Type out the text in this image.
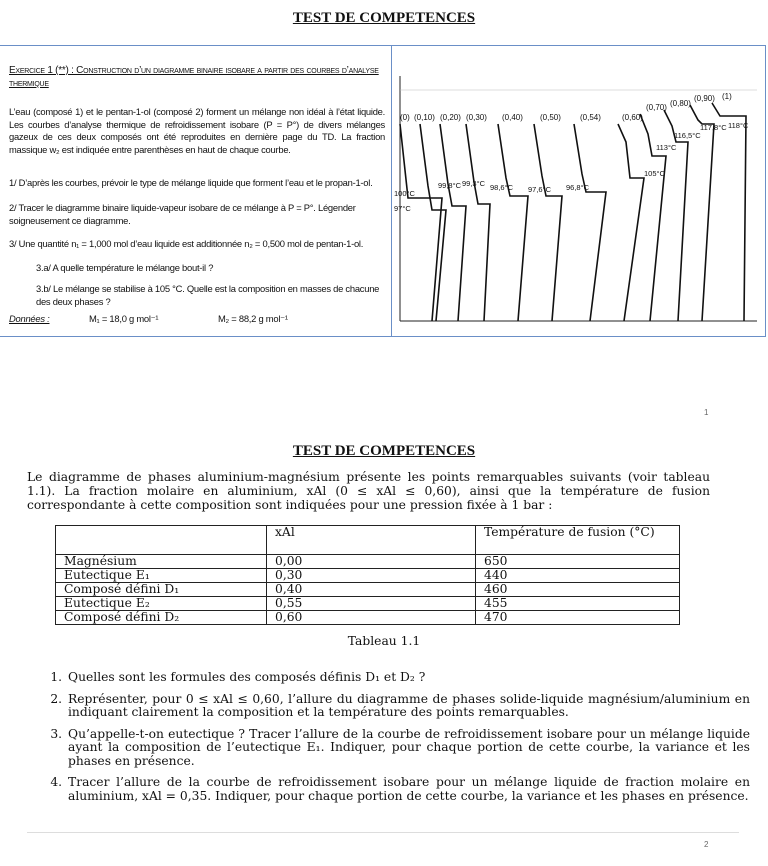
TEST DE COMPETENCES
Exercice 1 (**) : Construction d’un diagramme binaire isobare a partir des courbes d’analyse thermique
L’eau (composé 1) et le pentan-1-ol (composé 2) forment un mélange non idéal à l’état liquide. Les courbes d’analyse thermique de refroidissement isobare (P = P°) de divers mélanges gazeux de ces deux composés ont été reproduites en dernière page du TD. La fraction massique w₂ est indiquée entre parenthèses en haut de chaque courbe.
1/ D’après les courbes, prévoir le type de mélange liquide que forment l’eau et le propan-1-ol.
2/ Tracer le diagramme binaire liquide-vapeur isobare de ce mélange à P = P°. Légender soigneusement ce diagramme.
3/ Une quantité n₁ = 1,000 mol d’eau liquide est additionnée n₂ = 0,500 mol de pentan-1-ol.
3.a/ A quelle température le mélange bout-il ?
3.b/ Le mélange se stabilise à 105 °C. Quelle est la composition en masses de chacune des deux phases ?
Données :	M₁ = 18,0 g mol⁻¹	M₂ = 88,2 g mol⁻¹
(0) (0,10) (0,20) (0,30) (0,40) (0,50) (0,54)	(0,60)
(0,70) (0,80)
(0,90) (1)
100°C
97°C
99,8°C 99,3°C 98,6°C 97,6°C 96,8°C
105°C
113°C
116,5°C
117,8°C 118°C
1
TEST DE COMPETENCES
Le diagramme de phases aluminium-magnésium présente les points remarquables suivants (voir tableau 1.1). La fraction molaire en aluminium, xAl (0 ≤ xAl ≤ 0,60), ainsi que la température de fusion correspondante à cette composition sont indiquées pour une pression fixée à 1 bar :
	xAl	Température de fusion (°C)
Magnésium	0,00	650
Eutectique E₁	0,30	440
Composé défini D₁	0,40	460
Eutectique E₂	0,55	455
Composé défini D₂	0,60	470
Tableau 1.1
1. Quelles sont les formules des composés définis D₁ et D₂ ?
2. Représenter, pour 0 ≤ xAl ≤ 0,60, l’allure du diagramme de phases solide-liquide magnésium/aluminium en indiquant clairement la composition et la température des points remarquables.
3. Qu’appelle-t-on eutectique ? Tracer l’allure de la courbe de refroidissement isobare pour un mélange liquide ayant la composition de l’eutectique E₁. Indiquer, pour chaque portion de cette courbe, la variance et les phases en présence.
4. Tracer l’allure de la courbe de refroidissement isobare pour un mélange liquide de fraction molaire en aluminium, xAl = 0,35. Indiquer, pour chaque portion de cette courbe, la variance et les phases en présence.
2
